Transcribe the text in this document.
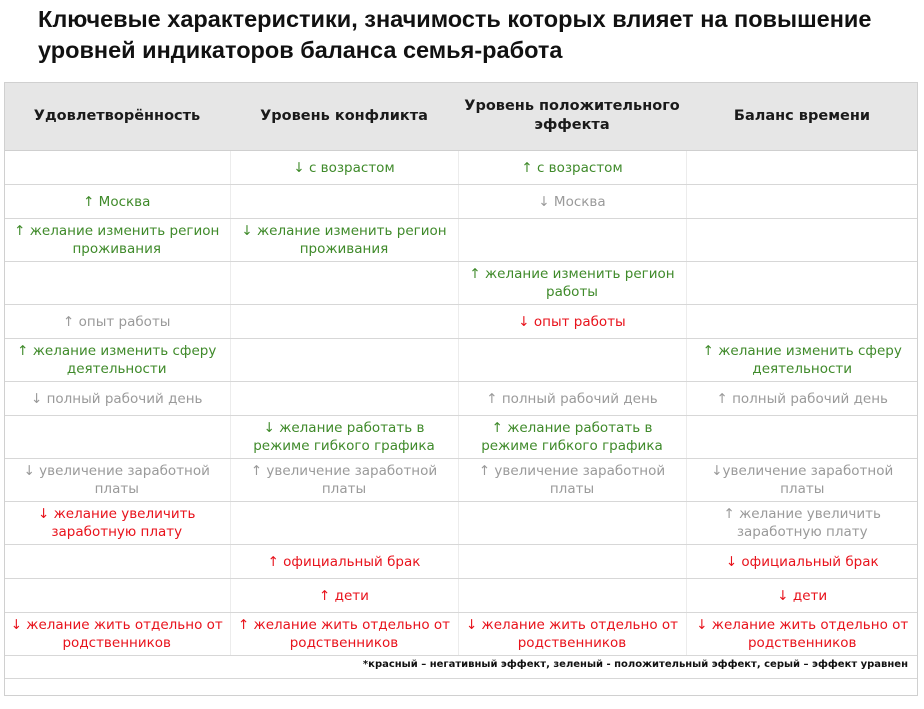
Ключевые характеристики, значимость которых влияет на повышение уровней индикаторов баланса семья-работа
Удовлетворённость	Уровень конфликта	Уровень положительного эффекта	Баланс времени
	↓ с возрастом	↑ с возрастом	
↑ Москва		↓ Москва	
↑ желание изменить регион проживания	↓ желание изменить регион проживания		
		↑ желание изменить регион работы	
↑ опыт работы		↓ опыт работы	
↑ желание изменить сферу деятельности			↑ желание изменить сферу деятельности
↓ полный рабочий день		↑ полный рабочий день	↑ полный рабочий день
	↓ желание работать в режиме гибкого графика	↑ желание работать в режиме гибкого графика	
↓ увеличение заработной платы	↑ увеличение заработной платы	↑ увеличение заработной платы	↓увеличение заработной платы
↓ желание увеличить заработную плату			↑ желание увеличить заработную плату
	↑ официальный брак		↓ официальный брак
	↑ дети		↓ дети
↓ желание жить отдельно от родственников	↑ желание жить отдельно от родственников	↓ желание жить отдельно от родственников	↓ желание жить отдельно от родственников
*красный – негативный эффект, зеленый - положительный эффект, серый – эффект уравнен			
